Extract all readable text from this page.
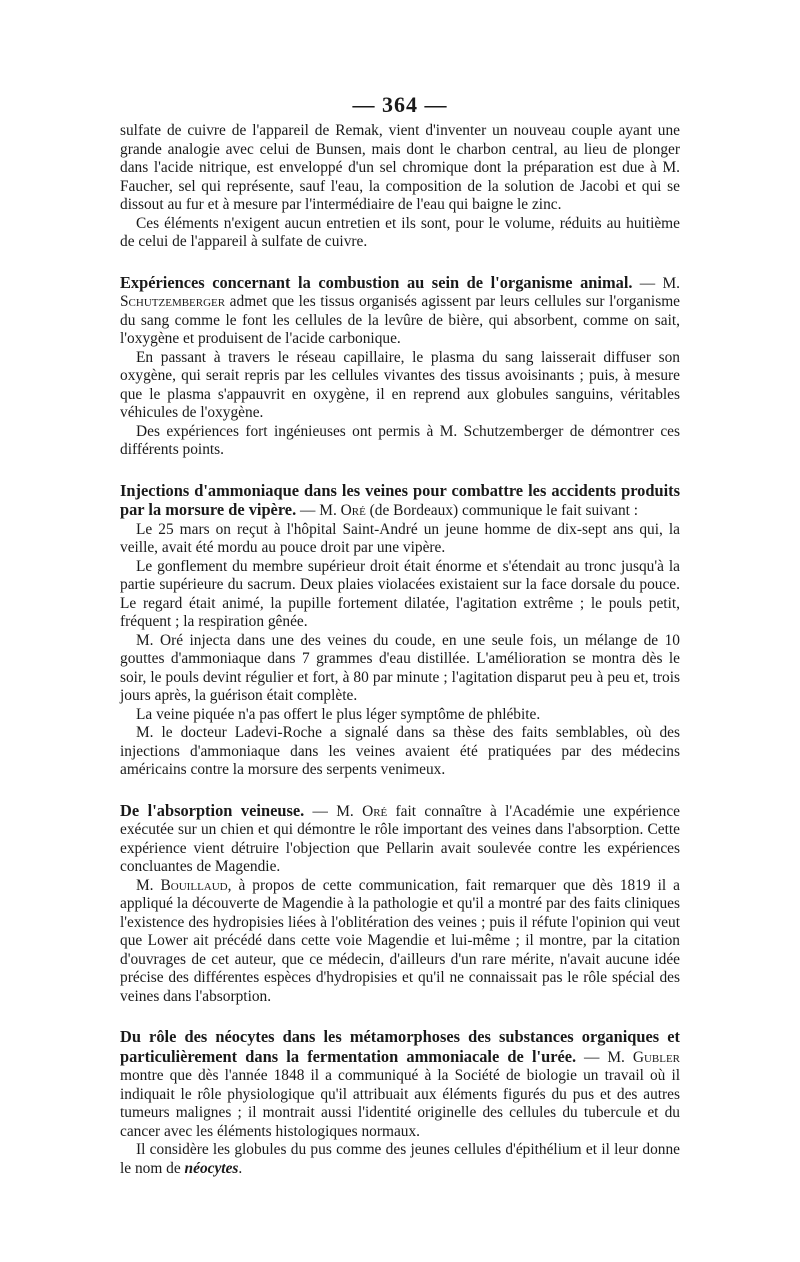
— 364 —

sulfate de cuivre de l'appareil de Remak, vient d'inventer un nouveau couple ayant une grande analogie avec celui de Bunsen, mais dont le charbon central, au lieu de plonger dans l'acide nitrique, est enveloppé d'un sel chromique dont la préparation est due à M. Faucher, sel qui représente, sauf l'eau, la composition de la solution de Jacobi et qui se dissout au fur et à mesure par l'intermédiaire de l'eau qui baigne le zinc.

Ces éléments n'exigent aucun entretien et ils sont, pour le volume, réduits au huitième de celui de l'appareil à sulfate de cuivre.

Expériences concernant la combustion au sein de l'organisme animal. — M. Schutzemberger admet que les tissus organisés agissent par leurs cellules sur l'organisme du sang comme le font les cellules de la levûre de bière, qui absorbent, comme on sait, l'oxygène et produisent de l'acide carbonique.

En passant à travers le réseau capillaire, le plasma du sang laisserait diffuser son oxygène, qui serait repris par les cellules vivantes des tissus avoisinants ; puis, à mesure que le plasma s'appauvrit en oxygène, il en reprend aux globules sanguins, véritables véhicules de l'oxygène.

Des expériences fort ingénieuses ont permis à M. Schutzemberger de démontrer ces différents points.

Injections d'ammoniaque dans les veines pour combattre les accidents produits par la morsure de vipère. — M. Oré (de Bordeaux) communique le fait suivant :

Le 25 mars on reçut à l'hôpital Saint-André un jeune homme de dix-sept ans qui, la veille, avait été mordu au pouce droit par une vipère.

Le gonflement du membre supérieur droit était énorme et s'étendait au tronc jusqu'à la partie supérieure du sacrum. Deux plaies violacées existaient sur la face dorsale du pouce. Le regard était animé, la pupille fortement dilatée, l'agitation extrême ; le pouls petit, fréquent ; la respiration gênée.

M. Oré injecta dans une des veines du coude, en une seule fois, un mélange de 10 gouttes d'ammoniaque dans 7 grammes d'eau distillée. L'amélioration se montra dès le soir, le pouls devint régulier et fort, à 80 par minute ; l'agitation disparut peu à peu et, trois jours après, la guérison était complète.

La veine piquée n'a pas offert le plus léger symptôme de phlébite.

M. le docteur Ladevi-Roche a signalé dans sa thèse des faits semblables, où des injections d'ammoniaque dans les veines avaient été pratiquées par des médecins américains contre la morsure des serpents venimeux.

De l'absorption veineuse. — M. Oré fait connaître à l'Académie une expérience exécutée sur un chien et qui démontre le rôle important des veines dans l'absorption. Cette expérience vient détruire l'objection que Pellarin avait soulevée contre les expériences concluantes de Magendie.

M. Bouillaud, à propos de cette communication, fait remarquer que dès 1819 il a appliqué la découverte de Magendie à la pathologie et qu'il a montré par des faits cliniques l'existence des hydropisies liées à l'oblitération des veines ; puis il réfute l'opinion qui veut que Lower ait précédé dans cette voie Magendie et lui-même ; il montre, par la citation d'ouvrages de cet auteur, que ce médecin, d'ailleurs d'un rare mérite, n'avait aucune idée précise des différentes espèces d'hydropisies et qu'il ne connaissait pas le rôle spécial des veines dans l'absorption.

Du rôle des néocytes dans les métamorphoses des substances organiques et particulièrement dans la fermentation ammoniacale de l'urée. — M. Gubler montre que dès l'année 1848 il a communiqué à la Société de biologie un travail où il indiquait le rôle physiologique qu'il attribuait aux éléments figurés du pus et des autres tumeurs malignes ; il montrait aussi l'identité originelle des cellules du tubercule et du cancer avec les éléments histologiques normaux.

Il considère les globules du pus comme des jeunes cellules d'épithélium et il leur donne le nom de néocytes.
